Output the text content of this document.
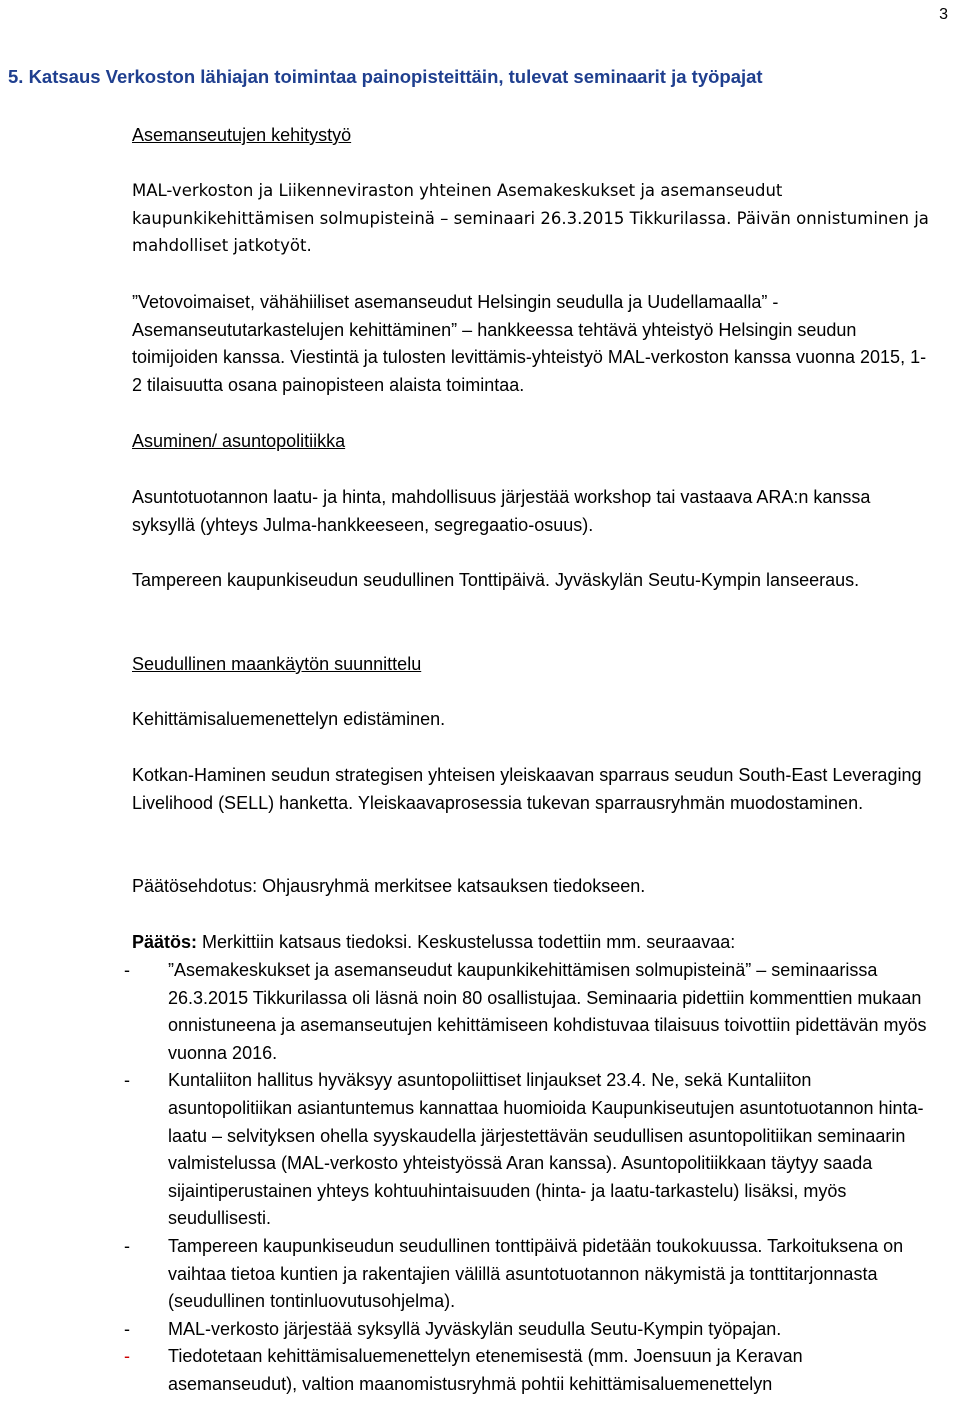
3
5. Katsaus Verkoston lähiajan toimintaa painopisteittäin, tulevat seminaarit ja työpajat
Asemanseutujen kehitystyö

MAL-verkoston ja Liikenneviraston yhteinen Asemakeskukset ja asemanseudut kaupunkikehittämisen solmupisteinä – seminaari 26.3.2015 Tikkurilassa. Päivän onnistuminen ja mahdolliset jatkotyöt.

”Vetovoimaiset, vähähiiliset asemanseudut Helsingin seudulla ja Uudellamaalla” - Asemanseututarkastelujen kehittäminen” – hankkeessa tehtävä yhteistyö Helsingin seudun toimijoiden kanssa. Viestintä ja tulosten levittämis-yhteistyö MAL-verkoston kanssa vuonna 2015, 1-2 tilaisuutta osana painopisteen alaista toimintaa.

Asuminen/ asuntopolitiikka

Asuntotuotannon laatu- ja hinta, mahdollisuus järjestää workshop tai vastaava ARA:n kanssa syksyllä (yhteys Julma-hankkeeseen, segregaatio-osuus).

Tampereen kaupunkiseudun seudullinen Tonttipäivä. Jyväskylän Seutu-Kympin lanseeraus.

Seudullinen maankäytön suunnittelu

Kehittämisaluemenettelyn edistäminen.

Kotkan-Haminen seudun strategisen yhteisen yleiskaavan sparraus seudun South-East Leveraging Livelihood (SELL) hanketta. Yleiskaavaprosessia tukevan sparrausryhmän muodostaminen.

Päätösehdotus: Ohjausryhmä merkitsee katsauksen tiedokseen.

Päätös: Merkittiin katsaus tiedoksi. Keskustelussa todettiin mm. seuraavaa:

- ”Asemakeskukset ja asemanseudut kaupunkikehittämisen solmupisteinä” – seminaarissa 26.3.2015 Tikkurilassa oli läsnä noin 80 osallistujaa. Seminaaria pidettiin kommenttien mukaan onnistuneena ja asemanseutujen kehittämiseen kohdistuvaa tilaisuus toivottiin pidettävän myös vuonna 2016.
- Kuntaliiton hallitus hyväksyy asuntopoliittiset linjaukset 23.4. Ne, sekä Kuntaliiton asuntopolitiikan asiantuntemus kannattaa huomioida Kaupunkiseutujen asuntotuotannon hinta-laatu – selvityksen ohella syyskaudella järjestettävän seudullisen asuntopolitiikan seminaarin valmistelussa (MAL-verkosto yhteistyössä Aran kanssa). Asuntopolitiikkaan täytyy saada sijaintiperustainen yhteys kohtuuhintaisuuden (hinta- ja laatu-tarkastelu) lisäksi, myös seudullisesti.
- Tampereen kaupunkiseudun seudullinen tonttipäivä pidetään toukokuussa. Tarkoituksena on vaihtaa tietoa kuntien ja rakentajien välillä asuntotuotannon näkymistä ja tonttitarjonnasta (seudullinen tontinluovutusohjelma).
- MAL-verkosto järjestää syksyllä Jyväskylän seudulla Seutu-Kympin työpajan.
- Tiedotetaan kehittämisaluemenettelyn etenemisestä (mm. Joensuun ja Keravan asemanseudut), valtion maanomistusryhmä pohtii kehittämisaluemenettelyn
